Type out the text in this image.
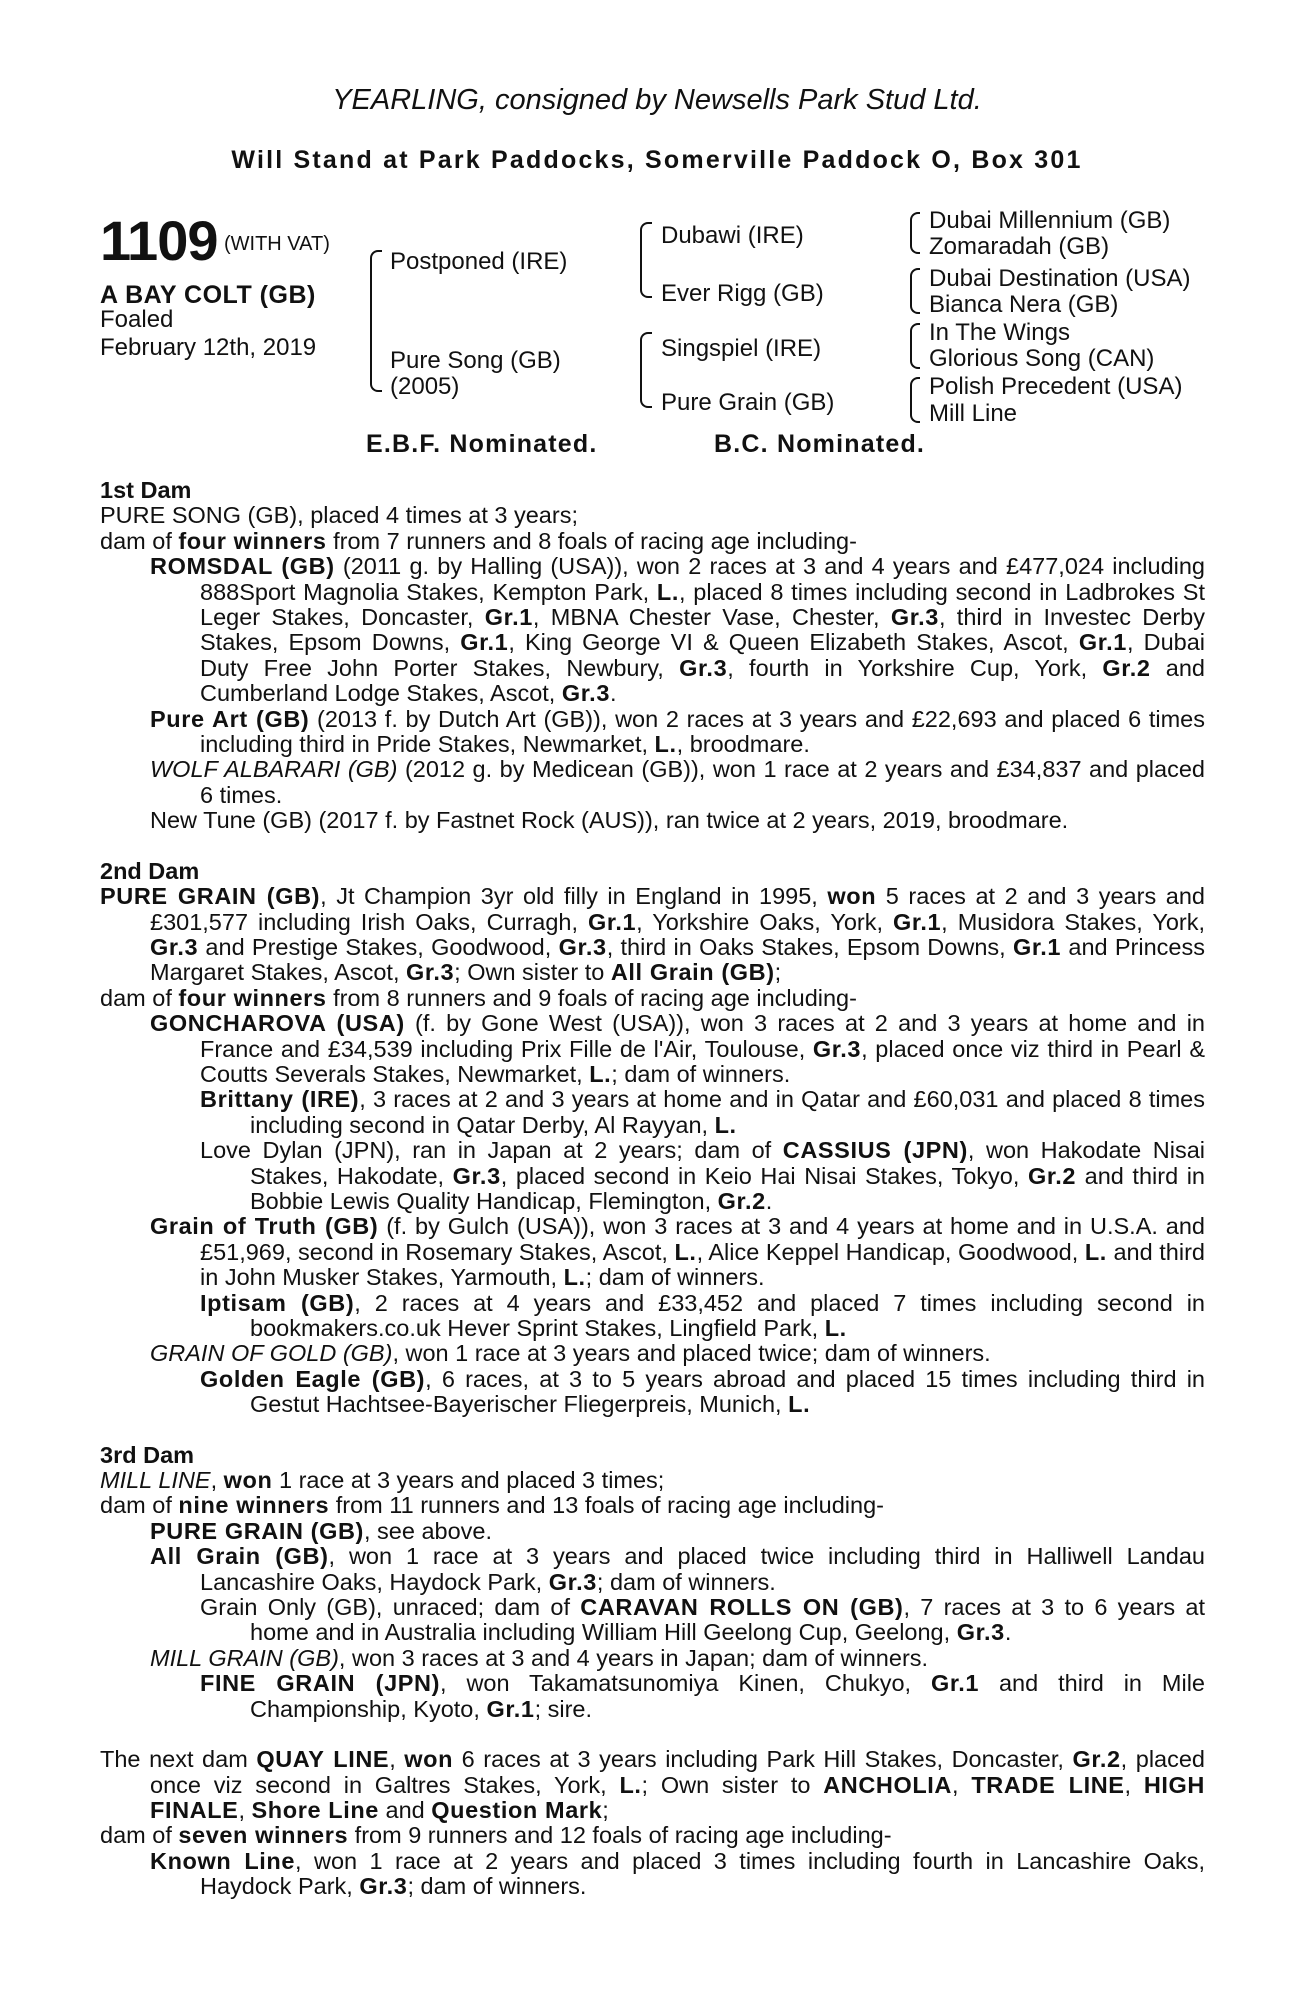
YEARLING, consigned by Newsells Park Stud Ltd.
Will Stand at Park Paddocks, Somerville Paddock O, Box 301
1109 (WITH VAT)
A BAY COLT (GB)
Foaled
February 12th, 2019
Postponed (IRE)
Pure Song (GB)
(2005)
Dubawi (IRE)
Ever Rigg (GB)
Singspiel (IRE)
Pure Grain (GB)
Dubai Millennium (GB)
Zomaradah (GB)
Dubai Destination (USA)
Bianca Nera (GB)
In The Wings
Glorious Song (CAN)
Polish Precedent (USA)
Mill Line
E.B.F. Nominated.	B.C. Nominated.

1st Dam

PURE SONG (GB), placed 4 times at 3 years;

dam of four winners from 7 runners and 8 foals of racing age including-

ROMSDAL (GB) (2011 g. by Halling (USA)), won 2 races at 3 and 4 years and £477,024 including 888Sport Magnolia Stakes, Kempton Park, L., placed 8 times including second in Ladbrokes St Leger Stakes, Doncaster, Gr.1, MBNA Chester Vase, Chester, Gr.3, third in Investec Derby Stakes, Epsom Downs, Gr.1, King George VI & Queen Elizabeth Stakes, Ascot, Gr.1, Dubai Duty Free John Porter Stakes, Newbury, Gr.3, fourth in Yorkshire Cup, York, Gr.2 and Cumberland Lodge Stakes, Ascot, Gr.3.

Pure Art (GB) (2013 f. by Dutch Art (GB)), won 2 races at 3 years and £22,693 and placed 6 times including third in Pride Stakes, Newmarket, L., broodmare.

WOLF ALBARARI (GB) (2012 g. by Medicean (GB)), won 1 race at 2 years and £34,837 and placed 6 times.

New Tune (GB) (2017 f. by Fastnet Rock (AUS)), ran twice at 2 years, 2019, broodmare.

2nd Dam

PURE GRAIN (GB), Jt Champion 3yr old filly in England in 1995, won 5 races at 2 and 3 years and £301,577 including Irish Oaks, Curragh, Gr.1, Yorkshire Oaks, York, Gr.1, Musidora Stakes, York, Gr.3 and Prestige Stakes, Goodwood, Gr.3, third in Oaks Stakes, Epsom Downs, Gr.1 and Princess Margaret Stakes, Ascot, Gr.3; Own sister to All Grain (GB);

dam of four winners from 8 runners and 9 foals of racing age including-

GONCHAROVA (USA) (f. by Gone West (USA)), won 3 races at 2 and 3 years at home and in France and £34,539 including Prix Fille de l'Air, Toulouse, Gr.3, placed once viz third in Pearl & Coutts Severals Stakes, Newmarket, L.; dam of winners.

Brittany (IRE), 3 races at 2 and 3 years at home and in Qatar and £60,031 and placed 8 times including second in Qatar Derby, Al Rayyan, L.

Love Dylan (JPN), ran in Japan at 2 years; dam of CASSIUS (JPN), won Hakodate Nisai Stakes, Hakodate, Gr.3, placed second in Keio Hai Nisai Stakes, Tokyo, Gr.2 and third in Bobbie Lewis Quality Handicap, Flemington, Gr.2.

Grain of Truth (GB) (f. by Gulch (USA)), won 3 races at 3 and 4 years at home and in U.S.A. and £51,969, second in Rosemary Stakes, Ascot, L., Alice Keppel Handicap, Goodwood, L. and third in John Musker Stakes, Yarmouth, L.; dam of winners.

Iptisam (GB), 2 races at 4 years and £33,452 and placed 7 times including second in bookmakers.co.uk Hever Sprint Stakes, Lingfield Park, L.

GRAIN OF GOLD (GB), won 1 race at 3 years and placed twice; dam of winners.

Golden Eagle (GB), 6 races, at 3 to 5 years abroad and placed 15 times including third in Gestut Hachtsee-Bayerischer Fliegerpreis, Munich, L.

3rd Dam

MILL LINE, won 1 race at 3 years and placed 3 times;

dam of nine winners from 11 runners and 13 foals of racing age including-

PURE GRAIN (GB), see above.

All Grain (GB), won 1 race at 3 years and placed twice including third in Halliwell Landau Lancashire Oaks, Haydock Park, Gr.3; dam of winners.

Grain Only (GB), unraced; dam of CARAVAN ROLLS ON (GB), 7 races at 3 to 6 years at home and in Australia including William Hill Geelong Cup, Geelong, Gr.3.

MILL GRAIN (GB), won 3 races at 3 and 4 years in Japan; dam of winners.

FINE GRAIN (JPN), won Takamatsunomiya Kinen, Chukyo, Gr.1 and third in Mile Championship, Kyoto, Gr.1; sire.

The next dam QUAY LINE, won 6 races at 3 years including Park Hill Stakes, Doncaster, Gr.2, placed once viz second in Galtres Stakes, York, L.; Own sister to ANCHOLIA, TRADE LINE, HIGH FINALE, Shore Line and Question Mark;

dam of seven winners from 9 runners and 12 foals of racing age including-

Known Line, won 1 race at 2 years and placed 3 times including fourth in Lancashire Oaks, Haydock Park, Gr.3; dam of winners.
